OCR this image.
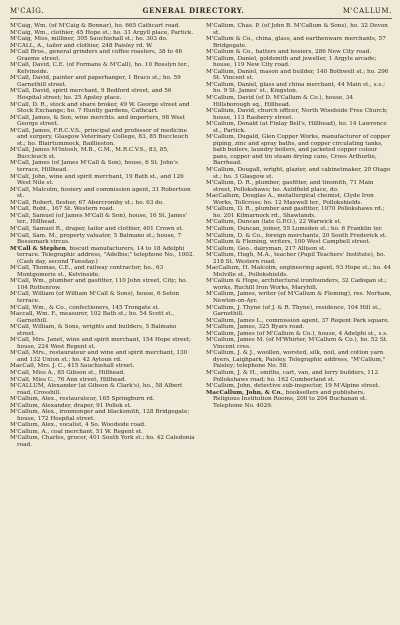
M'CAIG.	GENERAL DIRECTORY.	M'CALLUM.

M'Caig, Wm. (of M'Caig & Bonnar), ho. 665 Cathcart road.

M'Caig, Wm., clothier, 45 Hope st.; ho. 31 Argyll place, Partick.

M'Caig, Miss, milliner, 305 Sauchiehall st.; ho. 303 do.

M'CALL, A., tailor and clothier, 248 Paisley rd. W.

M'Call Bros., general grinders and coffee roasters, 38 to 46 Graeme street.

M'Call, David, C.E. (of Formans & M'Call), ho. 10 Rosslyn ter., Kelvinside.

M'Call, David, painter and paperhanger, 1 Braco st.; ho. 59 Garnethill street.

M'Call, David, spirit merchant, 9 Bedford street, and 56 Hospital street; ho. 25 Apsley place.

M'Call, D. R., stock and share broker, 49 W. George street and Stock Exchange; ho. 7 Huntly gardens, Cathcart.

M'Call, James, & Son, wine merchts. and importers, 98 West George street.

M'Call, James, F.R.C.V.S., principal and professor of medicine and surgery, Glasgow Veterinary College, 83, 85 Buccleuch st.; ho. Blairtummock, Baillieston.

M'Call, James M'Intosh, M.B., C.M., M.R.C.V.S., 83, 85, Buccleuch st.

M'Call, James (of James M'Call & Son), house, 6 St. John's terrace, Hillhead.

M'Call, John, wine and spirit merchant, 19 Bath st., and 126 West Nile st.

M'Call, Malcolm, hosiery and commission agent, 31 Robertson st.

M'Call, Robert, flesher, 67 Abercromby st.; ho. 63 do.

M'Call, Robt., 167 St. Western road.

M'Call, Samuel (of James M'Call & Son), house, 16 St. James' ter., Hillhead.

M'Call, Samuel R., draper, tailor and clothier, 401 Crown st.

M'Call, Sam. M., property valuator, 5 Balmano st.; house, 7 Bessemark circus.

M'Call & Stephen, biscuit manufacturers, 14 to 18 Adelphi terrace. Telegraphic address, "Adelbis;" telephone No., 1002. (Cash day, second Tuesday.)

M'Call, Thomas, C.E., and railway contractor; ho., 63 Montgomerie st., Kelvinside.

M'Call, Wm., plumber and gasfitter, 110 John street, City; ho. 104 Rottenrow.

M'Call, William (of William M'Call & Sons), house, 6 Seton terrace.

M'Call, Wm., & Co., confectioners, 145 Trongate st.

Maccall, Wm. F., measurer, 102 Bath st.; ho. 54 Scott st., Garnethill.

M'Call, William, & Sons, wrights and builders, 5 Balmano street.

M'Call, Mrs. Janet, wine and spirit merchant, 154 Hope street; house, 224 West Regent st.

M'Call, Mrs., restaurateur and wine and spirit merchant, 130 and 132 Union st.; ho. 42 Aytoun rd.

MacCall, Mrs. J. C., 415 Sauchiehall street.

M'Call, Miss A., 85 Gibson st., Hillhead.

M'Call, Miss C., 76 Ann street, Hillhead.

M'CALLUM, Alexander (at Gibson & Clark's), ho., 58 Albert road, Crosshill.

M'Callum, Alex., restaurateur, 165 Springburn rd.

M'Callum, Alexander, draper, 91 Pollok st.

M'Callum, Alex., ironmonger and blacksmith, 128 Bridgegate; house, 172 Hospital street.

M'Callum, Alex., vocalist, 4 So. Woodside road.

M'Callum, A., coal merchant, 51 W. Regent st.

M'Callum, Charles, grocer, 401 South York st.; ho. 42 Caledonia road.

M'Callum, Chas. P. (of John B. M'Callum & Sons), ho. 32 Devon st.

M'Callum & Co., china, glass, and earthenware merchants, 57 Bridgegate.

M'Callum & Co., hatters and hosiers, 286 New City road.

M'Callum, Daniel, goldsmith and jeweller, 1 Argyle arcade; house, 119 New City road.

M'Callum, Daniel, mason and builder, 140 Bothwell st.; ho. 296 St. Vincent st.

M'Callum, Daniel, glass and china merchant, 44 Main st., s.s.; ho. 9 St. James' st., Kingston.

M'Callum, David (of D. M'Callum & Co.), house, 34 Hillsborough sq., Hillhead.

M'Callum, David, church officer, North Woodside Free Church; house, 113 Rasberry street.

M'Callum, Donald (at Finlay Bell's, Hillhead), ho. 14 Lawrence st., Partick.

M'Callum, Dugald, Glen Copper Works, manufacturer of copper piping, zinc and spray baths, and copper circulating tanks, bath boilers, laundry boilers, and jacketed copper colour pans, copper and tin steam drying cans, Cross Arthurlie, Barrhead.

M'Callum, Dougall, wright, glazier, and cabinetmaker, 20 Otago st.; ho. 3 Glasgow st.

M'Callum, D. R., plumber, gasfitter, and tinsmith, 71 Main street, Pollokshaws; ho. Auldfield place, do.

MacCallum, Douglas A., metallurgical chemist, Clyde Iron Works, Tollcross; ho. 12 Maxwell ter., Pollokshields.

M'Callum, D. R., plumber and gasfitter, 1070 Pollokshaws rd.; ho. 201 Kilmarnock rd., Shawlands.

M'Callum, Duncan (late G.P.O.), 22 Warwick st.

M'Callum, Duncan, joiner, 55 Lumsden st.; ho. 6 Franklin ter.

M'Callum, D. & Co., foreign merchants, 20 South Frederick st.

M'Callum & Fleming, writers, 100 West Campbell street.

M'Callum, Geo., dairyman, 217 Allison st.

M'Callum, Hugh, M.A., teacher (Pupil Teachers' Institute), ho. 218 St. Western road.

MacCallum, H. Malcolm, engineering agent, 93 Hope st.; ho. 44 Melville st., Pollokshields.

M'Callum & Hope, architectural ironfounders, 32 Cadogan st.; works, Ruchill Iron Works, Maryhill.

M'Callum, James, writer (of M'Callum & Fleming), res. Norham, Newton-on-Ayr.

M'Callum, J. Thyne (of J. & R. Thyne), residence, 104 Hill st., Garnethill.

M'Callum, James L., commission agent, 37 Regent Park square.

M'Callum, James, 325 Byars road.

M'Callum, James (of M'Callum & Co.), house, 4 Adelphi st., s.s.

M'Callum, James M. (of M'Whirter, M'Callum & Co.), ho. 52 St. Vincent cres.

M'Callum, J. & J., woollen, worsted, silk, noil, and cotton yarn dyers, Laighpark, Paisley. Telegraphic address, "M'Callum," Paisley; telephone No. 58.

M'Callum, J. & H., smiths, cart, van, and lorry builders, 112 Pollokshaws road; ho. 162 Cumberland st.

M'Callum, John, detective sub-inspector, 19 M'Alpine street.

MacCallum, John, & Co., booksellers and publishers, Religious Institution Rooms, 200 to 204 Buchanan st. Telephone No. 4029.
